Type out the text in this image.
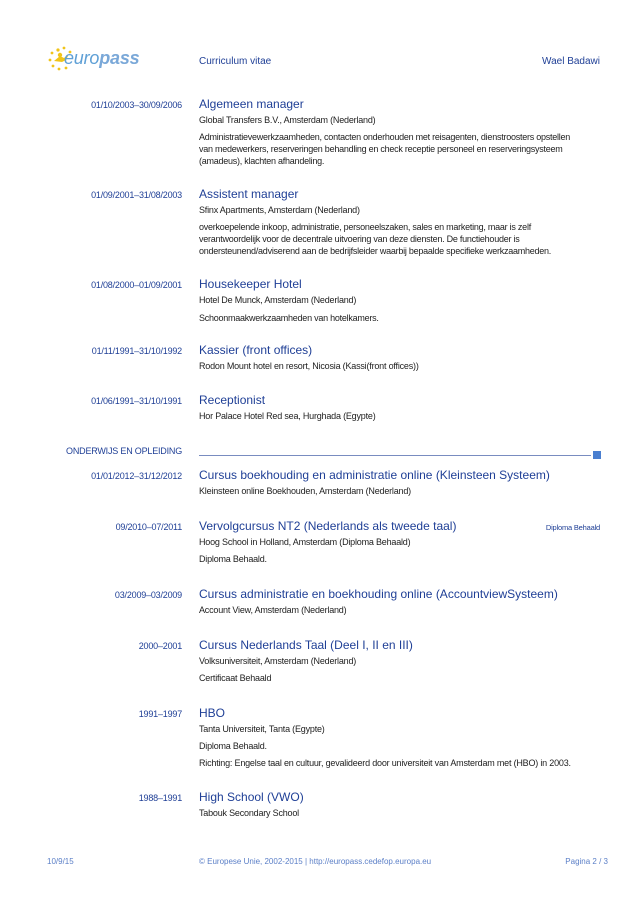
europass	Curriculum vitae	Wael Badawi
01/10/2003–30/09/2006 Algemeen manager
Global Transfers B.V., Amsterdam (Nederland)
Administratievewerkzaamheden, contacten onderhouden met reisagenten, dienstroosters opstellen
van medewerkers, reserveringen behandling en check receptie personeel en reserveringsysteem
(amadeus), klachten afhandeling.
01/09/2001–31/08/2003 Assistent manager
Sfinx Apartments, Amsterdam (Nederland)
overkoepelende inkoop, administratie, personeelszaken, sales en marketing, maar is zelf
verantwoordelijk voor de decentrale uitvoering van deze diensten. De functiehouder is
ondersteunend/adviserend aan de bedrijfsleider waarbij bepaalde specifieke werkzaamheden.
01/08/2000–01/09/2001 Housekeeper Hotel
Hotel De Munck, Amsterdam (Nederland)
Schoonmaakwerkzaamheden van hotelkamers.
01/11/1991–31/10/1992 Kassier (front offices)
Rodon Mount hotel en resort, Nicosia (Kassi(front offices))
01/06/1991–31/10/1991 Receptionist
Hor Palace Hotel Red sea, Hurghada (Egypte)
ONDERWIJS EN OPLEIDING
01/01/2012–31/12/2012 Cursus boekhouding en administratie online (Kleinsteen Systeem)
Kleinsteen online Boekhouden, Amsterdam (Nederland)
09/2010–07/2011 Vervolgcursus NT2 (Nederlands als tweede taal)	Diploma Behaald
Hoog School in Holland, Amsterdam (Diploma Behaald)
Diploma Behaald.
03/2009–03/2009 Cursus administratie en boekhouding online (AccountviewSysteem)
Account View, Amsterdam (Nederland)
2000–2001 Cursus Nederlands Taal (Deel I, II en III)
Volksuniversiteit, Amsterdam (Nederland)
Certificaat Behaald
1991–1997 HBO
Tanta Universiteit, Tanta (Egypte)
Diploma Behaald.
Richting: Engelse taal en cultuur, gevalideerd door universiteit van Amsterdam met (HBO) in 2003.
1988–1991 High School (VWO)
Tabouk Secondary School
10/9/15	© Europese Unie, 2002-2015 | http://europass.cedefop.europa.eu	Pagina 2 / 3
